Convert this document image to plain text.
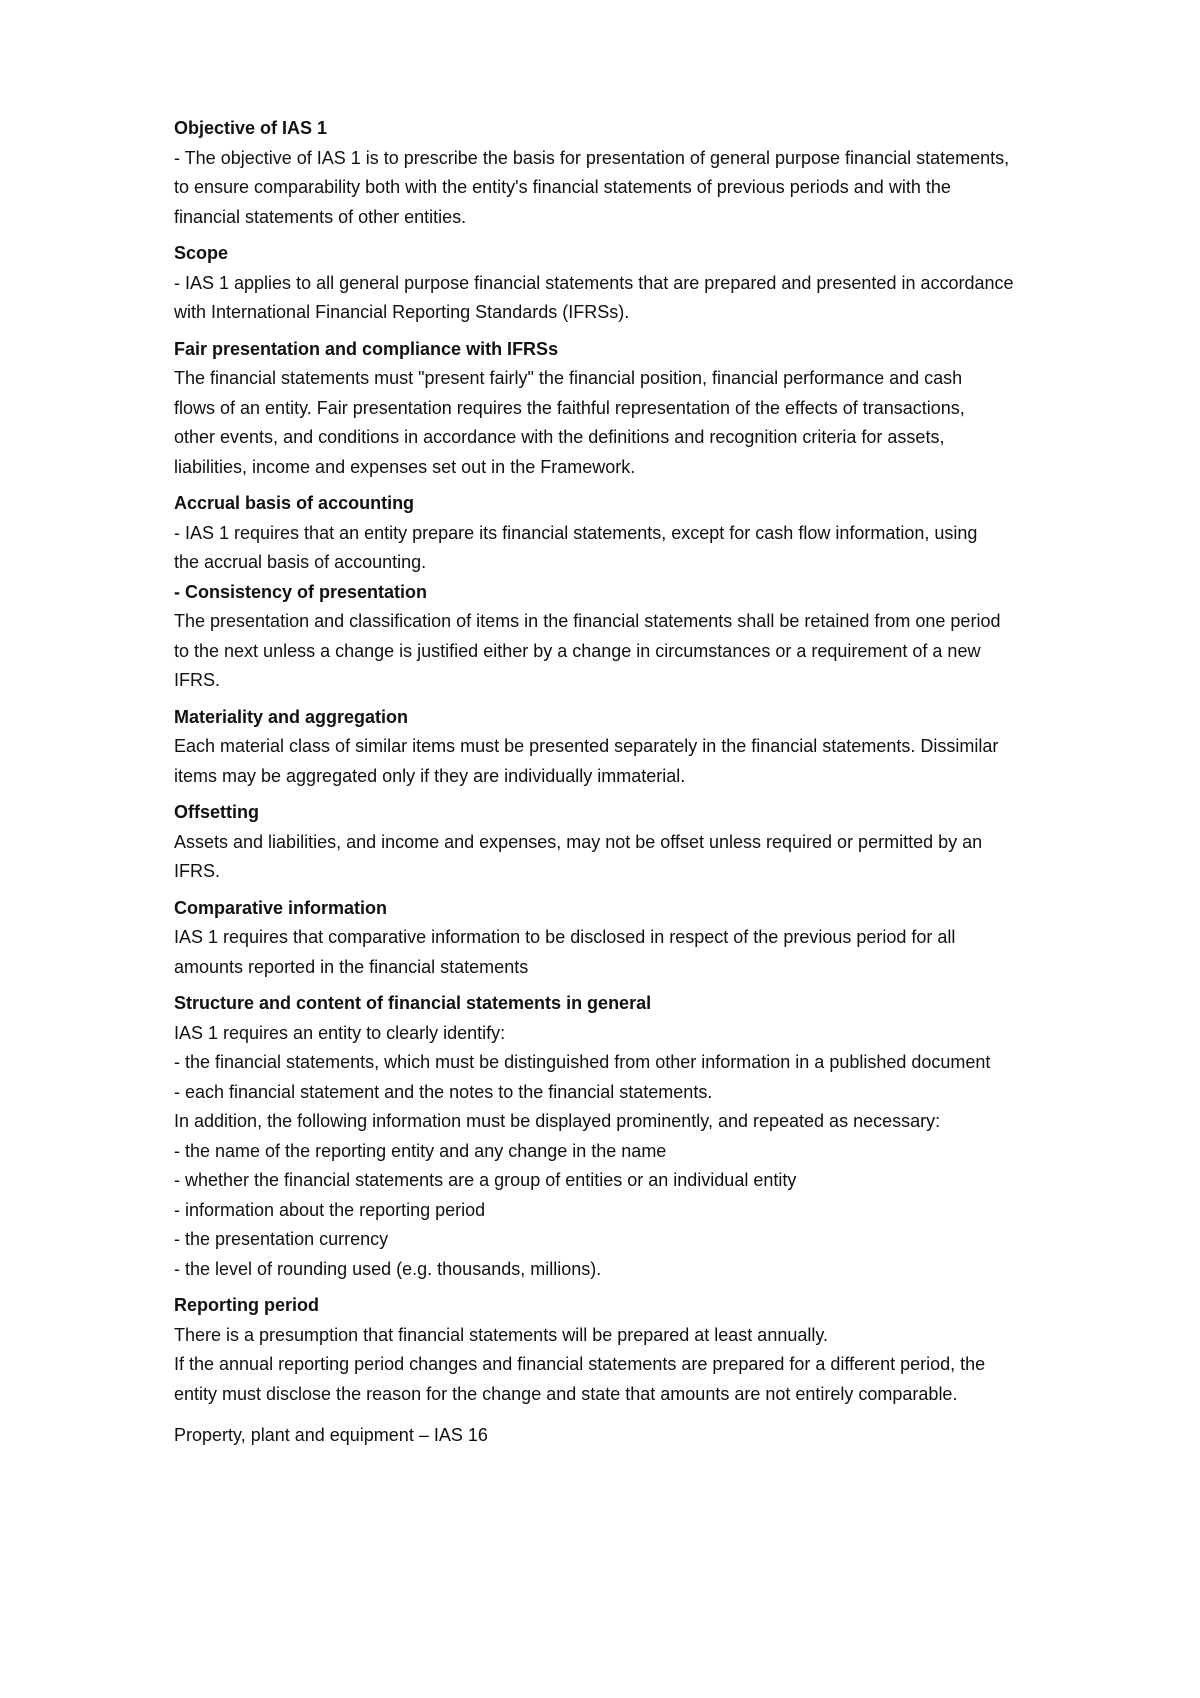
Objective of IAS 1
- The objective of IAS 1 is to prescribe the basis for presentation of general purpose financial statements,
to ensure comparability both with the entity's financial statements of previous periods and with the
financial statements of other entities.
Scope
- IAS 1 applies to all general purpose financial statements that are prepared and presented in accordance
with International Financial Reporting Standards (IFRSs).
Fair presentation and compliance with IFRSs
The financial statements must "present fairly" the financial position, financial performance and cash
flows of an entity. Fair presentation requires the faithful representation of the effects of transactions,
other events, and conditions in accordance with the definitions and recognition criteria for assets,
liabilities, income and expenses set out in the Framework.
Accrual basis of accounting
- IAS 1 requires that an entity prepare its financial statements, except for cash flow information, using
the accrual basis of accounting.
- Consistency of presentation
The presentation and classification of items in the financial statements shall be retained from one period
to the next unless a change is justified either by a change in circumstances or a requirement of a new
IFRS.
Materiality and aggregation
Each material class of similar items must be presented separately in the financial statements. Dissimilar
items may be aggregated only if they are individually immaterial.
Offsetting
Assets and liabilities, and income and expenses, may not be offset unless required or permitted by an
IFRS.
Comparative information
IAS 1 requires that comparative information to be disclosed in respect of the previous period for all
amounts reported in the financial statements
Structure and content of financial statements in general
IAS 1 requires an entity to clearly identify:
- the financial statements, which must be distinguished from other information in a published document
- each financial statement and the notes to the financial statements.
In addition, the following information must be displayed prominently, and repeated as necessary:
- the name of the reporting entity and any change in the name
- whether the financial statements are a group of entities or an individual entity
- information about the reporting period
- the presentation currency
- the level of rounding used (e.g. thousands, millions).
Reporting period
There is a presumption that financial statements will be prepared at least annually.
If the annual reporting period changes and financial statements are prepared for a different period, the
entity must disclose the reason for the change and state that amounts are not entirely comparable.
Property, plant and equipment – IAS 16
